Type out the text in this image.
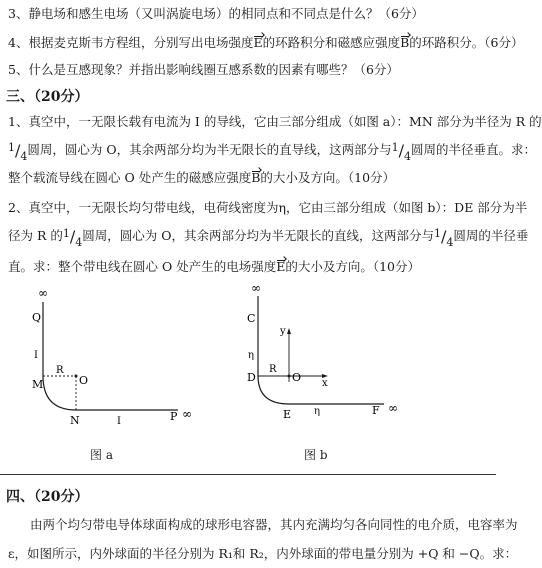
3、静电场和感生电场（又叫涡旋电场）的相同点和不同点是什么？（6分）
4、根据麦克斯韦方程组，分别写出电场强度E的环路积分和磁感应强度B的环路积分。（6分）
5、什么是互感现象？并指出影响线圈互感系数的因素有哪些？（6分）
三、（20分）
1、真空中，一无限长载有电流为 I 的导线，它由三部分组成（如图 a）：MN 部分为半径为 R 的
1/4圆周，圆心为 O，其余两部分均为半无限长的直导线，这两部分与1/4圆周的半径垂直。求：
整个载流导线在圆心 O 处产生的磁感应强度B的大小及方向。（10分）
2、真空中，一无限长均匀带电线，电荷线密度为η，它由三部分组成（如图 b）：DE 部分为半
径为 R 的1/4圆周，圆心为 O，其余两部分均为半无限长的直线，这两部分与1/4圆周的半径垂
直。求：整个带电线在圆心 O 处产生的电场强度E的大小及方向。（10分）
∞
Q
I
M
R
O
N	I	P ∞
图 a
∞
C
y
η
D
R
O x
E η	F ∞
图 b
四、（20分）
由两个均匀带电导体球面构成的球形电容器，其内充满均匀各向同性的电介质，电容率为
ε，如图所示，内外球面的半径分别为 R₁和 R₂，内外球面的带电量分别为 +Q 和 −Q。求：
